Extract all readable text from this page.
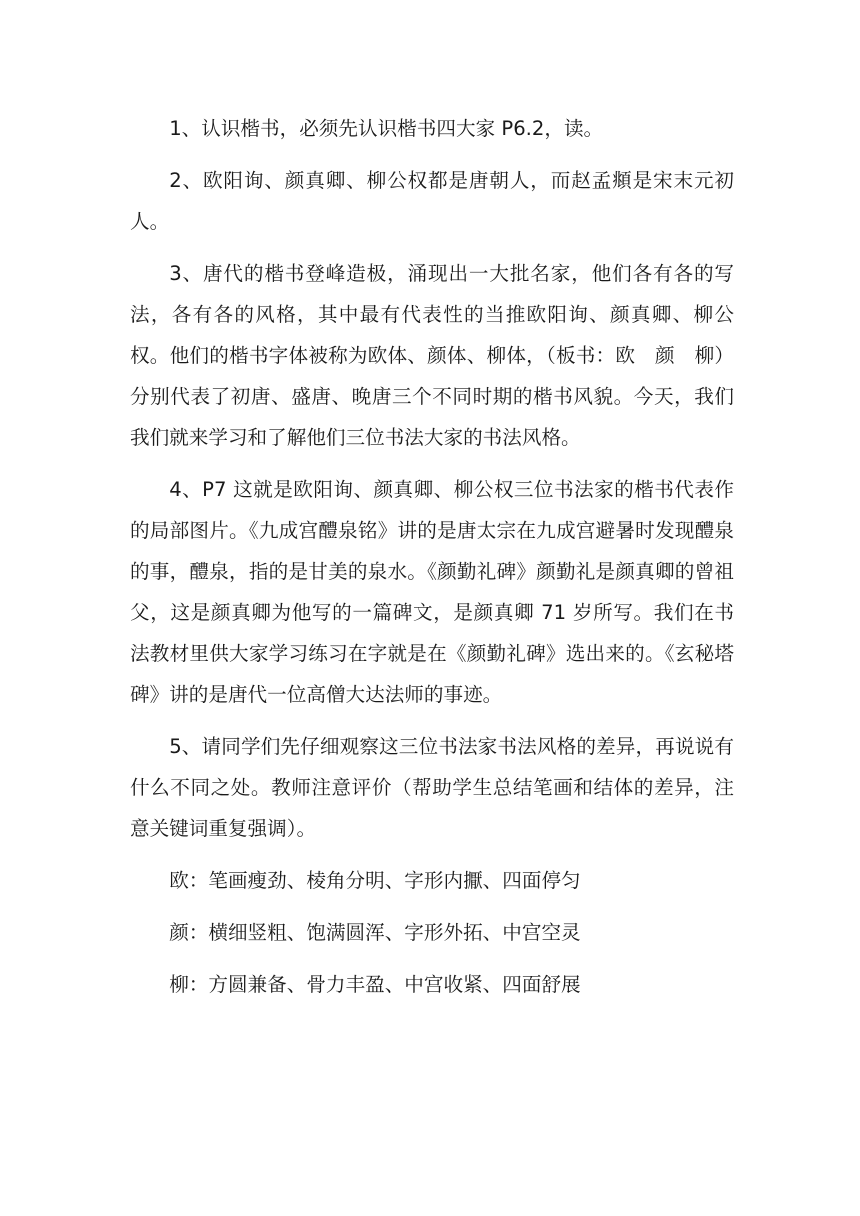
1、认识楷书，必须先认识楷书四大家 P6.2，读。

2、欧阳询、颜真卿、柳公权都是唐朝人，而赵孟頫是宋末元初人。

3、唐代的楷书登峰造极，涌现出一大批名家，他们各有各的写法，各有各的风格，其中最有代表性的当推欧阳询、颜真卿、柳公权。他们的楷书字体被称为欧体、颜体、柳体，（板书：欧　颜　柳）分别代表了初唐、盛唐、晚唐三个不同时期的楷书风貌。今天，我们我们就来学习和了解他们三位书法大家的书法风格。

4、P7 这就是欧阳询、颜真卿、柳公权三位书法家的楷书代表作的局部图片。《九成宫醴泉铭》讲的是唐太宗在九成宫避暑时发现醴泉的事，醴泉，指的是甘美的泉水。《颜勤礼碑》颜勤礼是颜真卿的曾祖父，这是颜真卿为他写的一篇碑文，是颜真卿 71 岁所写。我们在书法教材里供大家学习练习在字就是在《颜勤礼碑》选出来的。《玄秘塔碑》讲的是唐代一位高僧大达法师的事迹。

5、请同学们先仔细观察这三位书法家书法风格的差异，再说说有什么不同之处。教师注意评价（帮助学生总结笔画和结体的差异，注意关键词重复强调）。

欧：笔画瘦劲、棱角分明、字形内擫、四面停匀

颜：横细竖粗、饱满圆浑、字形外拓、中宫空灵

柳：方圆兼备、骨力丰盈、中宫收紧、四面舒展
